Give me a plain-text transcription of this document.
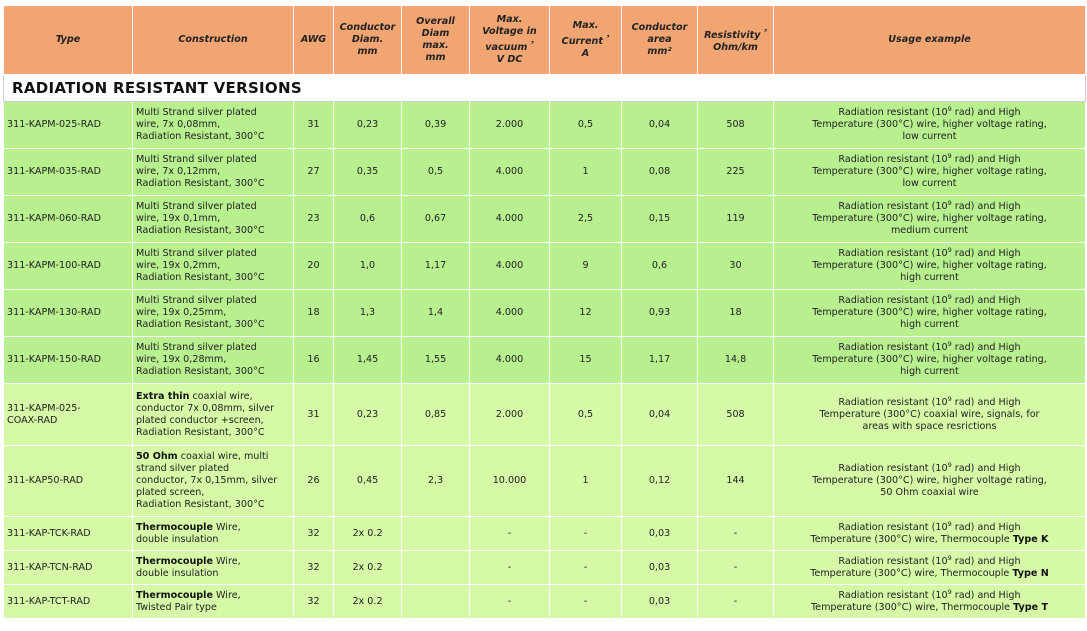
Type	Construction	AWG	Conductor
Diam.
mm	Overall
Diam
max.
mm	Max.
Voltage in
vacuum $^{^3}$
V DC	Max.
Current $^{^3}$
A	Conductor
area
mm²	Resistivity $^{^3}$
Ohm/km	Usage example
RADIATION RESISTANT VERSIONS									
311-KAPM-025-RAD	Multi Strand silver plated
wire, 7x 0,08mm,
Radiation Resistant, 300°C	31	0,23	0,39	2.000	0,5	0,04	508	Radiation resistant ($10^9$ rad) and High
Temperature (300°C) wire, higher voltage rating,
low current
311-KAPM-035-RAD	Multi Strand silver plated
wire, 7x 0,12mm,
Radiation Resistant, 300°C	27	0,35	0,5	4.000	1	0,08	225	Radiation resistant ($10^9$ rad) and High
Temperature (300°C) wire, higher voltage rating,
low current
311-KAPM-060-RAD	Multi Strand silver plated
wire, 19x 0,1mm,
Radiation Resistant, 300°C	23	0,6	0,67	4.000	2,5	0,15	119	Radiation resistant ($10^9$ rad) and High
Temperature (300°C) wire, higher voltage rating,
medium current
311-KAPM-100-RAD	Multi Strand silver plated
wire, 19x 0,2mm,
Radiation Resistant, 300°C	20	1,0	1,17	4.000	9	0,6	30	Radiation resistant ($10^9$ rad) and High
Temperature (300°C) wire, higher voltage rating,
high current
311-KAPM-130-RAD	Multi Strand silver plated
wire, 19x 0,25mm,
Radiation Resistant, 300°C	18	1,3	1,4	4.000	12	0,93	18	Radiation resistant ($10^9$ rad) and High
Temperature (300°C) wire, higher voltage rating,
high current
311-KAPM-150-RAD	Multi Strand silver plated
wire, 19x 0,28mm,
Radiation Resistant, 300°C	16	1,45	1,55	4.000	15	1,17	14,8	Radiation resistant ($10^9$ rad) and High
Temperature (300°C) wire, higher voltage rating,
high current
311-KAPM-025-
COAX-RAD	Extra thin coaxial wire,
conductor 7x 0,08mm, silver
plated conductor +screen,
Radiation Resistant, 300°C	31	0,23	0,85	2.000	0,5	0,04	508	Radiation resistant ($10^9$ rad) and High
Temperature (300°C) coaxial wire, signals, for
areas with space resrictions
311-KAP50-RAD	50 Ohm coaxial wire, multi
strand silver plated
conductor, 7x 0,15mm, silver
plated screen,
Radiation Resistant, 300°C	26	0,45	2,3	10.000	1	0,12	144	Radiation resistant ($10^9$ rad) and High
Temperature (300°C) wire, higher voltage rating,
50 Ohm coaxial wire
311-KAP-TCK-RAD	Thermocouple Wire,
double insulation	32	2x 0.2		-	-	0,03	-	Radiation resistant ($10^9$ rad) and High
Temperature (300°C) wire, Thermocouple Type K
311-KAP-TCN-RAD	Thermocouple Wire,
double insulation	32	2x 0.2		-	-	0,03	-	Radiation resistant ($10^9$ rad) and High
Temperature (300°C) wire, Thermocouple Type N
311-KAP-TCT-RAD	Thermocouple Wire,
Twisted Pair type	32	2x 0.2		-	-	0,03	-	Radiation resistant ($10^9$ rad) and High
Temperature (300°C) wire, Thermocouple Type T
